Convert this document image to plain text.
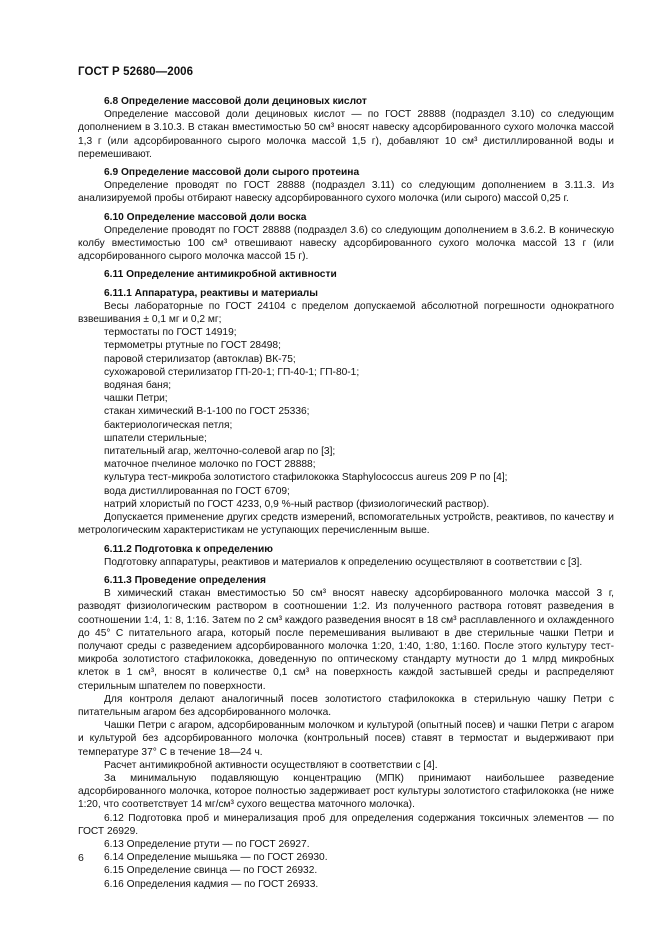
ГОСТ Р 52680—2006

6.8 Определение массовой доли дециновых кислот

Определение массовой доли дециновых кислот — по ГОСТ 28888 (подраздел 3.10) со следующим дополнением в 3.10.3. В стакан вместимостью 50 см³ вносят навеску адсорбированного сухого молочка массой 1,3 г (или адсорбированного сырого молочка массой 1,5 г), добавляют 10 см³ дистиллированной воды и перемешивают.

6.9 Определение массовой доли сырого протеина

Определение проводят по ГОСТ 28888 (подраздел 3.11) со следующим дополнением в 3.11.3. Из анализируемой пробы отбирают навеску адсорбированного сухого молочка (или сырого) массой 0,25 г.

6.10 Определение массовой доли воска

Определение проводят по ГОСТ 28888 (подраздел 3.6) со следующим дополнением в 3.6.2. В коническую колбу вместимостью 100 см³ отвешивают навеску адсорбированного сухого молочка массой 13 г (или адсорбированного сырого молочка массой 15 г).

6.11 Определение антимикробной активности

6.11.1 Аппаратура, реактивы и материалы

Весы лабораторные по ГОСТ 24104 с пределом допускаемой абсолютной погрешности однократного взвешивания ± 0,1 мг и 0,2 мг;

термостаты по ГОСТ 14919;

термометры ртутные по ГОСТ 28498;

паровой стерилизатор (автоклав) ВК-75;

сухожаровой стерилизатор ГП-20-1; ГП-40-1; ГП-80-1;

водяная баня;

чашки Петри;

стакан химический В-1-100 по ГОСТ 25336;

бактериологическая петля;

шпатели стерильные;

питательный агар, желточно-солевой агар по [3];

маточное пчелиное молочко по ГОСТ 28888;

культура тест-микроба золотистого стафилококка Staphylococcus aureus 209 P по [4];

вода дистиллированная по ГОСТ 6709;

натрий хлористый по ГОСТ 4233, 0,9 %-ный раствор (физиологический раствор).

Допускается применение других средств измерений, вспомогательных устройств, реактивов, по качеству и метрологическим характеристикам не уступающих перечисленным выше.

6.11.2 Подготовка к определению

Подготовку аппаратуры, реактивов и материалов к определению осуществляют в соответствии с [3].

6.11.3 Проведение определения

В химический стакан вместимостью 50 см³ вносят навеску адсорбированного молочка массой 3 г, разводят физиологическим раствором в соотношении 1:2. Из полученного раствора готовят разведения в соотношении 1:4, 1: 8, 1:16. Затем по 2 см³ каждого разведения вносят в 18 см³ расплавленного и охлажденного до 45° С питательного агара, который после перемешивания выливают в две стерильные чашки Петри и получают среды с разведением адсорбированного молочка 1:20, 1:40, 1:80, 1:160. После этого культуру тест-микроба золотистого стафилококка, доведенную по оптическому стандарту мутности до 1 млрд микробных клеток в 1 см³, вносят в количестве 0,1 см³ на поверхность каждой застывшей среды и распределяют стерильным шпателем по поверхности.

Для контроля делают аналогичный посев золотистого стафилококка в стерильную чашку Петри с питательным агаром без адсорбированного молочка.

Чашки Петри с агаром, адсорбированным молочком и культурой (опытный посев) и чашки Петри с агаром и культурой без адсорбированного молочка (контрольный посев) ставят в термостат и выдерживают при температуре 37° С в течение 18—24 ч.

Расчет антимикробной активности осуществляют в соответствии с [4].

За минимальную подавляющую концентрацию (МПК) принимают наибольшее разведение адсорбированного молочка, которое полностью задерживает рост культуры золотистого стафилококка (не ниже 1:20, что соответствует 14 мг/см³ сухого вещества маточного молочка).

6.12 Подготовка проб и минерализация проб для определения содержания токсичных элементов — по ГОСТ 26929.

6.13 Определение ртути — по ГОСТ 26927.

6.14 Определение мышьяка — по ГОСТ 26930.

6.15 Определение свинца — по ГОСТ 26932.

6.16 Определения кадмия — по ГОСТ 26933.

6
